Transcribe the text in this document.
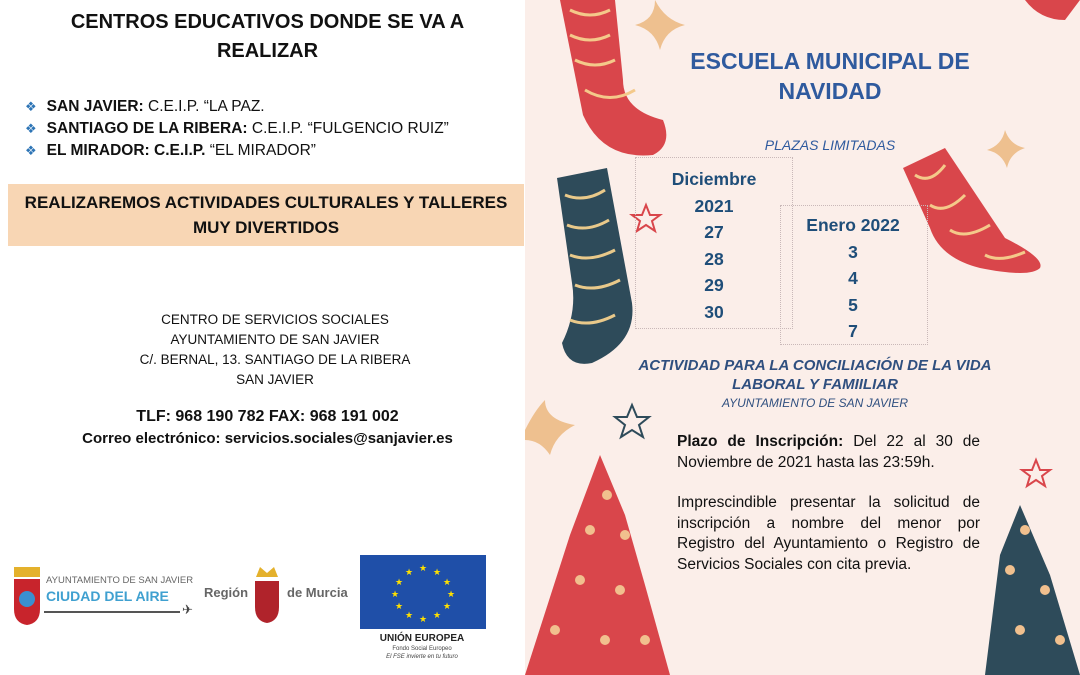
CENTROS EDUCATIVOS DONDE SE VA A REALIZAR
❖ SAN JAVIER: C.E.I.P. “LA PAZ.
❖ SANTIAGO DE LA RIBERA: C.E.I.P. “FULGENCIO RUIZ”
❖ EL MIRADOR: C.E.I.P. “EL MIRADOR”
REALIZAREMOS ACTIVIDADES CULTURALES Y TALLERES MUY DIVERTIDOS
CENTRO DE SERVICIOS SOCIALES
AYUNTAMIENTO DE SAN JAVIER
C/. BERNAL, 13. SANTIAGO DE LA RIBERA
SAN JAVIER
TLF: 968 190 782 FAX: 968 191 002
Correo electrónico: servicios.sociales@sanjavier.es
AYUNTAMIENTO DE SAN JAVIER
CIUDAD DEL AIRE
✈
Región	de Murcia
★ ★
★
★
★
★
★
★
★
★
★
★
UNIÓN EUROPEA
Fondo Social Europeo
El FSE invierte en tu futuro
ESCUELA MUNICIPAL DE NAVIDAD
PLAZAS LIMITADAS
Diciembre
2021
27
28
29
30
Enero 2022
3
4
5
7
ACTIVIDAD PARA LA CONCILIACIÓN DE LA VIDA LABORAL Y FAMIILIAR
AYUNTAMIENTO DE SAN JAVIER

Plazo de Inscripción: Del 22 al 30 de Noviembre de 2021 hasta las 23:59h.

Imprescindible presentar la solicitud de inscripción a nombre del menor por Registro del Ayuntamiento o Registro de Servicios Sociales con cita previa.
